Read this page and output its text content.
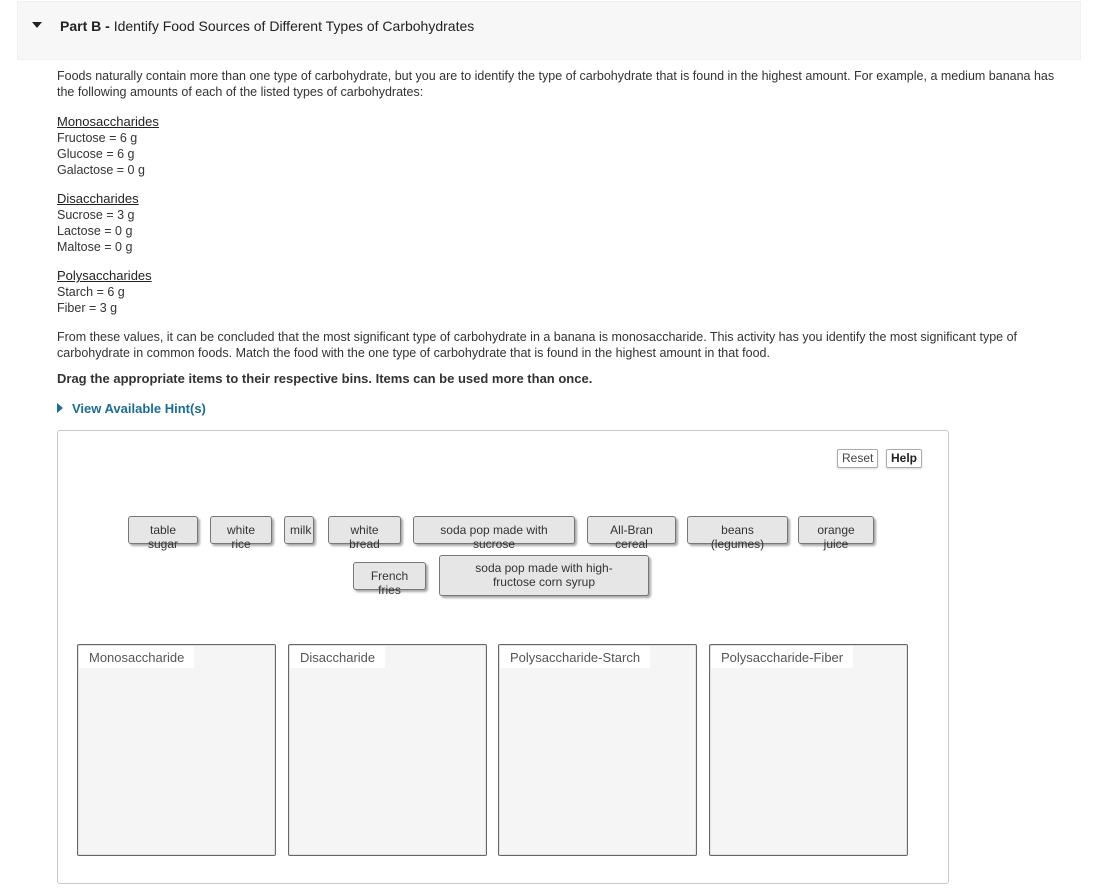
Part B - Identify Food Sources of Different Types of Carbohydrates

Foods naturally contain more than one type of carbohydrate, but you are to identify the type of carbohydrate that is found in the highest amount. For example, a medium banana has the following amounts of each of the listed types of carbohydrates:

Monosaccharides
Fructose = 6 g
Glucose = 6 g
Galactose = 0 g
Disaccharides
Sucrose = 3 g
Lactose = 0 g
Maltose = 0 g
Polysaccharides
Starch = 6 g
Fiber = 3 g

From these values, it can be concluded that the most significant type of carbohydrate in a banana is monosaccharide. This activity has you identify the most significant type of carbohydrate in common foods. Match the food with the one type of carbohydrate that is found in the highest amount in that food.

Drag the appropriate items to their respective bins. Items can be used more than once.
View Available Hint(s)
Reset	Help
table sugar
white rice
milk	white bread
soda pop made with sucrose
All-Bran cereal
beans (legumes)
orange juice
French fries
soda pop made with high-fructose corn syrup
Monosaccharide	Disaccharide	Polysaccharide-Starch	Polysaccharide-Fiber
